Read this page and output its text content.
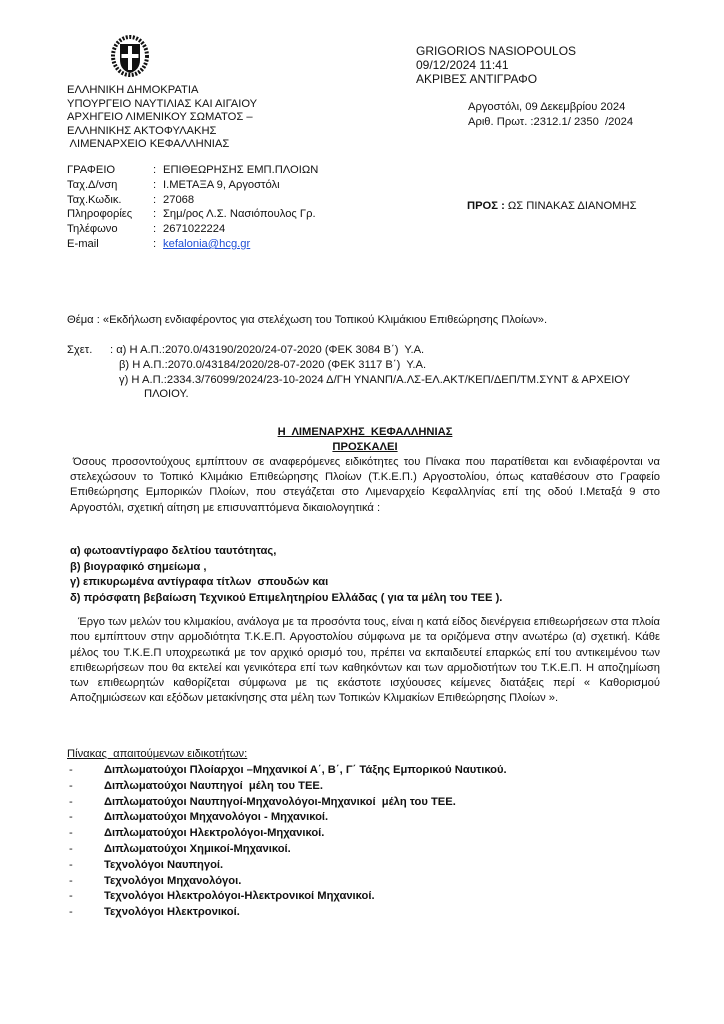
ΕΛΛΗΝΙΚΗ ΔΗΜΟΚΡΑΤΙΑ
ΥΠΟΥΡΓΕΙΟ ΝΑΥΤΙΛΙΑΣ ΚΑΙ ΑΙΓΑΙΟΥ
ΑΡΧΗΓΕΙΟ ΛΙΜΕΝΙΚΟΥ ΣΩΜΑΤΟΣ –
ΕΛΛΗΝΙΚΗΣ ΑΚΤΟΦΥΛΑΚΗΣ
ΛΙΜΕΝΑΡΧΕΙΟ ΚΕΦΑΛΛΗΝΙΑΣ
GRIGORIOS NASIOPOULOS
09/12/2024 11:41
ΑΚΡΙΒΕΣ ΑΝΤΙΓΡΑΦΟ
Αργοστόλι, 09 Δεκεμβρίου 2024
Αριθ. Πρωτ. :2312.1/ 2350  /2024
ΓΡΑΦΕΙΟ	: ΕΠΙΘΕΩΡΗΣΗΣ ΕΜΠ.ΠΛΟΙΩΝ
Ταχ.Δ/νση	: Ι.ΜΕΤΑΞΑ 9, Αργοστόλι
Ταχ.Κωδικ.	: 27068
Πληροφορίες	: Σημ/ρος Λ.Σ. Νασιόπουλος Γρ.
Τηλέφωνο	: 2671022224
E-mail	: kefalonia@hcg.gr
ΠΡΟΣ : ΩΣ ΠΙΝΑΚΑΣ ΔΙΑΝΟΜΗΣ
Θέμα : «Εκδήλωση ενδιαφέροντος για στελέχωση του Τοπικού Κλιμάκιου Επιθεώρησης Πλοίων».
Σχετ.	: α) Η Α.Π.:2070.0/43190/2020/24-07-2020 (ΦΕΚ 3084 Β΄)  Υ.Α.
β) Η Α.Π.:2070.0/43184/2020/28-07-2020 (ΦΕΚ 3117 Β΄)  Υ.Α.
γ) Η Α.Π.:2334.3/76099/2024/23-10-2024 Δ/ΓΗ ΥΝΑΝΠ/Α.ΛΣ-ΕΛ.ΑΚΤ/ΚΕΠ/ΔΕΠ/ΤΜ.ΣΥΝΤ & ΑΡΧΕΙΟΥ
ΠΛΟΙΟΥ.
Η  ΛΙΜΕΝΑΡΧΗΣ  ΚΕΦΑΛΛΗΝΙΑΣ
ΠΡΟΣΚΑΛΕΙ
Όσους προσοντούχους εμπίπτουν σε αναφερόμενες ειδικότητες του Πίνακα που παρατίθεται και ενδιαφέρονται να στελεχώσουν το Τοπικό Κλιμάκιο Επιθεώρησης Πλοίων (Τ.Κ.Ε.Π.) Αργοστολίου, όπως καταθέσουν στο Γραφείο Επιθεώρησης Εμπορικών Πλοίων, που στεγάζεται στο Λιμεναρχείο Κεφαλληνίας επί της οδού Ι.Μεταξά 9 στο Αργοστόλι, σχετική αίτηση με επισυναπτόμενα δικαιολογητικά :
α) φωτοαντίγραφο δελτίου ταυτότητας,
β) βιογραφικό σημείωμα ,
γ) επικυρωμένα αντίγραφα τίτλων  σπουδών και
δ) πρόσφατη βεβαίωση Τεχνικού Επιμελητηρίου Ελλάδας ( για τα μέλη του ΤΕΕ ).
Έργο των μελών του κλιμακίου, ανάλογα με τα προσόντα τους, είναι η κατά είδος διενέργεια επιθεωρήσεων στα πλοία που εμπίπτουν στην αρμοδιότητα Τ.Κ.Ε.Π. Αργοστολίου σύμφωνα με τα οριζόμενα στην ανωτέρω (α) σχετική. Κάθε μέλος του Τ.Κ.Ε.Π υποχρεωτικά με τον αρχικό ορισμό του, πρέπει να εκπαιδευτεί επαρκώς επί του αντικειμένου των επιθεωρήσεων που θα εκτελεί και γενικότερα επί των καθηκόντων και των αρμοδιοτήτων του Τ.Κ.Ε.Π. Η αποζημίωση των επιθεωρητών καθορίζεται σύμφωνα με τις εκάστοτε ισχύουσες κείμενες διατάξεις περί « Καθορισμού Αποζημιώσεων και εξόδων μετακίνησης στα μέλη των Τοπικών Κλιμακίων Επιθεώρησης Πλοίων ».
Πίνακας  απαιτούμενων ειδικοτήτων:
-	Διπλωματούχοι Πλοίαρχοι –Μηχανικοί Α΄, Β΄, Γ΄ Τάξης Εμπορικού Ναυτικού.
-	Διπλωματούχοι Ναυπηγοί  μέλη του ΤΕΕ.
-	Διπλωματούχοι Ναυπηγοί-Μηχανολόγοι-Μηχανικοί  μέλη του ΤΕΕ.
-	Διπλωματούχοι Μηχανολόγοι - Μηχανικοί.
-	Διπλωματούχοι Ηλεκτρολόγοι-Μηχανικοί.
-	Διπλωματούχοι Χημικοί-Μηχανικοί.
-	Τεχνολόγοι Ναυπηγοί.
-	Τεχνολόγοι Μηχανολόγοι.
-	Τεχνολόγοι Ηλεκτρολόγοι-Ηλεκτρονικοί Μηχανικοί.
-	Τεχνολόγοι Ηλεκτρονικοί.
